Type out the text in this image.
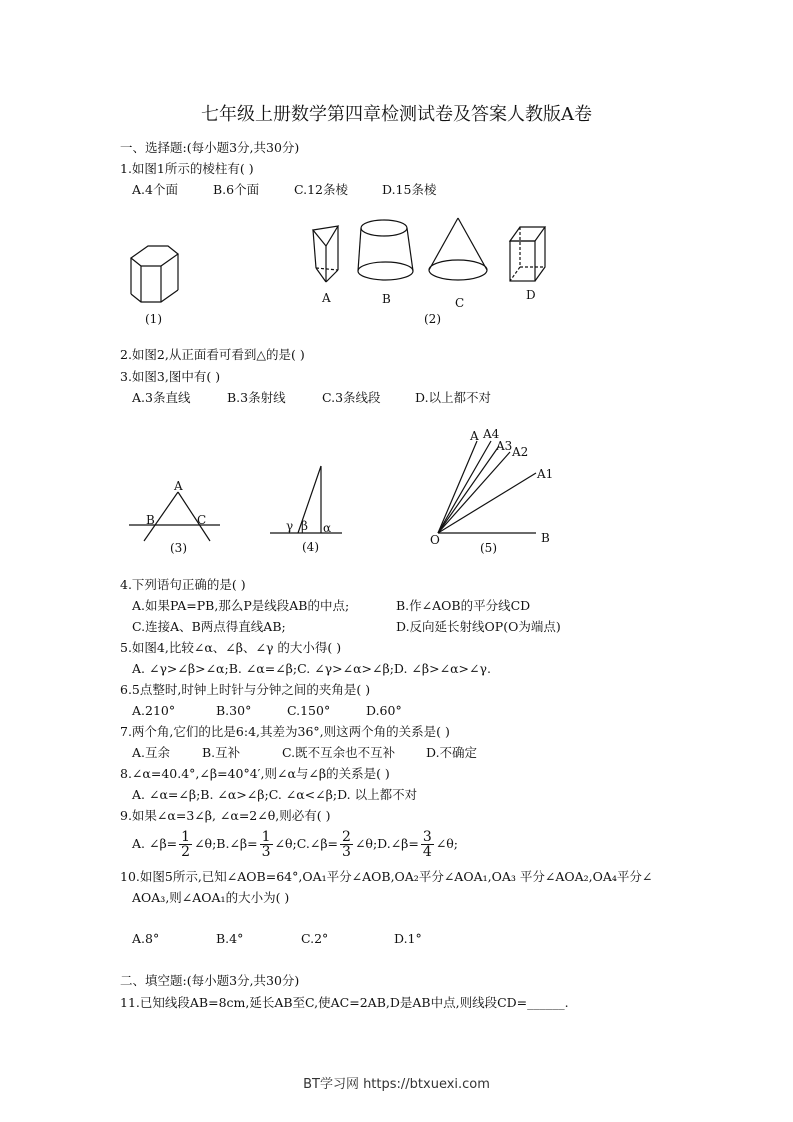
七年级上册数学第四章检测试卷及答案人教版A卷
一、选择题:(每小题3分,共30分)
1.如图1所示的棱柱有( )
A.4个面	B.6个面	C.12条棱	D.15条棱
(1)
A	B	C
D
(2)
2.如图2,从正面看可看到△的是( )
3.如图3,图中有( )
A.3条直线	B.3条射线	C.3条线段	D.以上都不对
A
B	C
(3)
γ β α
(4)
A A4
A3 A2
A1
O	B
(5)
4.下列语句正确的是( )
A.如果PA=PB,那么P是线段AB的中点;	B.作∠AOB的平分线CD
C.连接A、B两点得直线AB;	D.反向延长射线OP(O为端点)
5.如图4,比较∠α、∠β、∠γ 的大小得( )
A. ∠γ>∠β>∠α;B. ∠α=∠β;C. ∠γ>∠α>∠β;D. ∠β>∠α>∠γ.
6.5点整时,时钟上时针与分钟之间的夹角是( )
A.210°	B.30°	C.150°	D.60°
7.两个角,它们的比是6:4,其差为36°,则这两个角的关系是( )
A.互余	B.互补	C.既不互余也不互补 D.不确定
8.∠α=40.4°,∠β=40°4′,则∠α与∠β的关系是( )
A. ∠α=∠β;B. ∠α>∠β;C. ∠α<∠β;D. 以上都不对
9.如果∠α=3∠β, ∠α=2∠θ,则必有( )
A. ∠β= $\frac{1}{2}$ ∠θ;B.∠β= $\frac{1}{3}$ ∠θ;C.∠β= $\frac{2}{3}$ ∠θ;D.∠β= $\frac{3}{4}$ ∠θ;
10.如图5所示,已知∠AOB=64°,OA₁平分∠AOB,OA₂平分∠AOA₁,OA₃ 平分∠AOA₂,OA₄平分∠
AOA₃,则∠AOA₁的大小为( )
A.8°	B.4°	C.2°	D.1°
二、填空题:(每小题3分,共30分)
11.已知线段AB=8cm,延长AB至C,使AC=2AB,D是AB中点,则线段CD=______.
BT学习网 https://btxuexi.com
